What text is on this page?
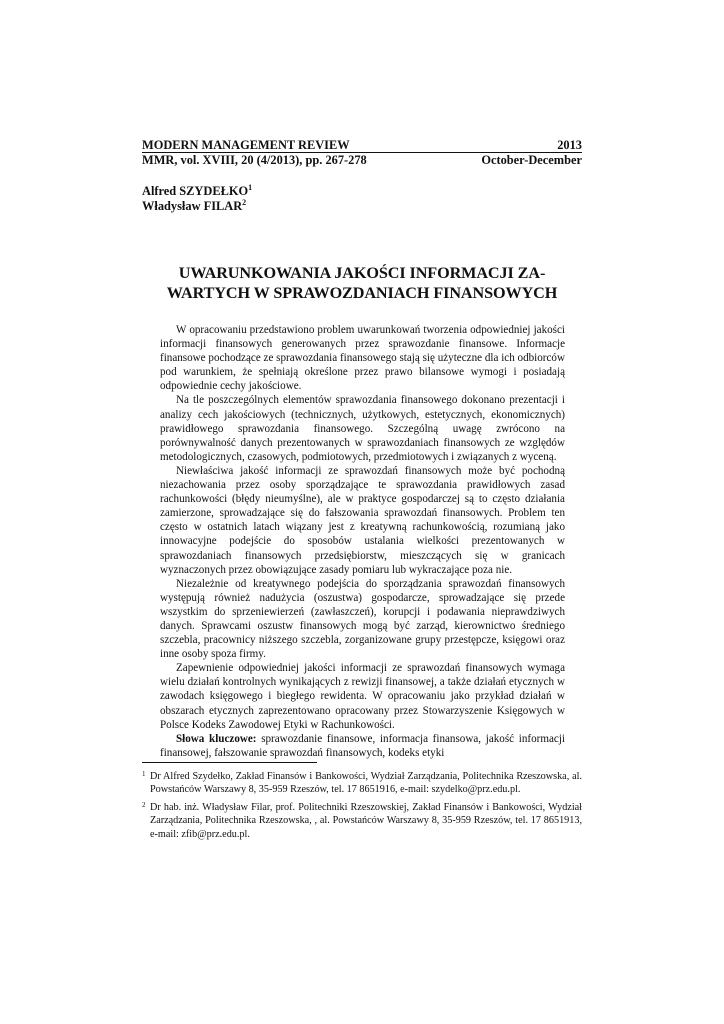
MODERN MANAGEMENT REVIEW	2013
MMR, vol. XVIII, 20 (4/2013), pp. 267-278	October-December
Alfred SZYDEŁKO$^1$
Władysław FILAR$^2$
UWARUNKOWANIA JAKOŚCI INFORMACJI ZA-
WARTYCH W SPRAWOZDANIACH FINANSOWYCH

W opracowaniu przedstawiono problem uwarunkowań tworzenia odpowiedniej jakości informacji finansowych generowanych przez sprawozdanie finansowe. Informacje finansowe pochodzące ze sprawozdania finansowego stają się użyteczne dla ich odbiorców pod warunkiem, że spełniają określone przez prawo bilansowe wymogi i posiadają odpowiednie cechy jakościowe.

Na tle poszczególnych elementów sprawozdania finansowego dokonano prezentacji i analizy cech jakościowych (technicznych, użytkowych, estetycznych, ekonomicznych) prawidłowego sprawozdania finansowego. Szczególną uwagę zwrócono na porównywalność danych prezentowanych w sprawozdaniach finansowych ze względów metodologicznych, czasowych, podmiotowych, przedmiotowych i związanych z wyceną.

Niewłaściwa jakość informacji ze sprawozdań finansowych może być pochodną niezachowania przez osoby sporządzające te sprawozdania prawidłowych zasad rachunkowości (błędy nieumyślne), ale w praktyce gospodarczej są to często działania zamierzone, sprowadzające się do fałszowania sprawozdań finansowych. Problem ten często w ostatnich latach wiązany jest z kreatywną rachunkowością, rozumianą jako innowacyjne podejście do sposobów ustalania wielkości prezentowanych w sprawozdaniach finansowych przedsiębiorstw, mieszczących się w granicach wyznaczonych przez obowiązujące zasady pomiaru lub wykraczające poza nie.

Niezależnie od kreatywnego podejścia do sporządzania sprawozdań finansowych występują również nadużycia (oszustwa) gospodarcze, sprowadzające się przede wszystkim do sprzeniewierzeń (zawłaszczeń), korupcji i podawania nieprawdziwych danych. Sprawcami oszustw finansowych mogą być zarząd, kierownictwo średniego szczebla, pracownicy niższego szczebla, zorganizowane grupy przestępcze, księgowi oraz inne osoby spoza firmy.

Zapewnienie odpowiedniej jakości informacji ze sprawozdań finansowych wymaga wielu działań kontrolnych wynikających z rewizji finansowej, a także działań etycznych w zawodach księgowego i biegłego rewidenta. W opracowaniu jako przykład działań w obszarach etycznych zaprezentowano opracowany przez Stowarzyszenie Księgowych w Polsce Kodeks Zawodowej Etyki w Rachunkowości.

Słowa kluczowe: sprawozdanie finansowe, informacja finansowa, jakość informacji finansowej, fałszowanie sprawozdań finansowych, kodeks etyki

1 Dr Alfred Szydełko, Zakład Finansów i Bankowości, Wydział Zarządzania, Politechnika Rzeszowska, al. Powstańców Warszawy 8, 35-959 Rzeszów, tel. 17 8651916, e-mail: szydelko@prz.edu.pl.
2 Dr hab. inż. Władysław Filar, prof. Politechniki Rzeszowskiej, Zakład Finansów i Bankowości, Wydział Zarządzania, Politechnika Rzeszowska, , al. Powstańców Warszawy 8, 35-959 Rzeszów, tel. 17 8651913, e-mail: zfib@prz.edu.pl.
